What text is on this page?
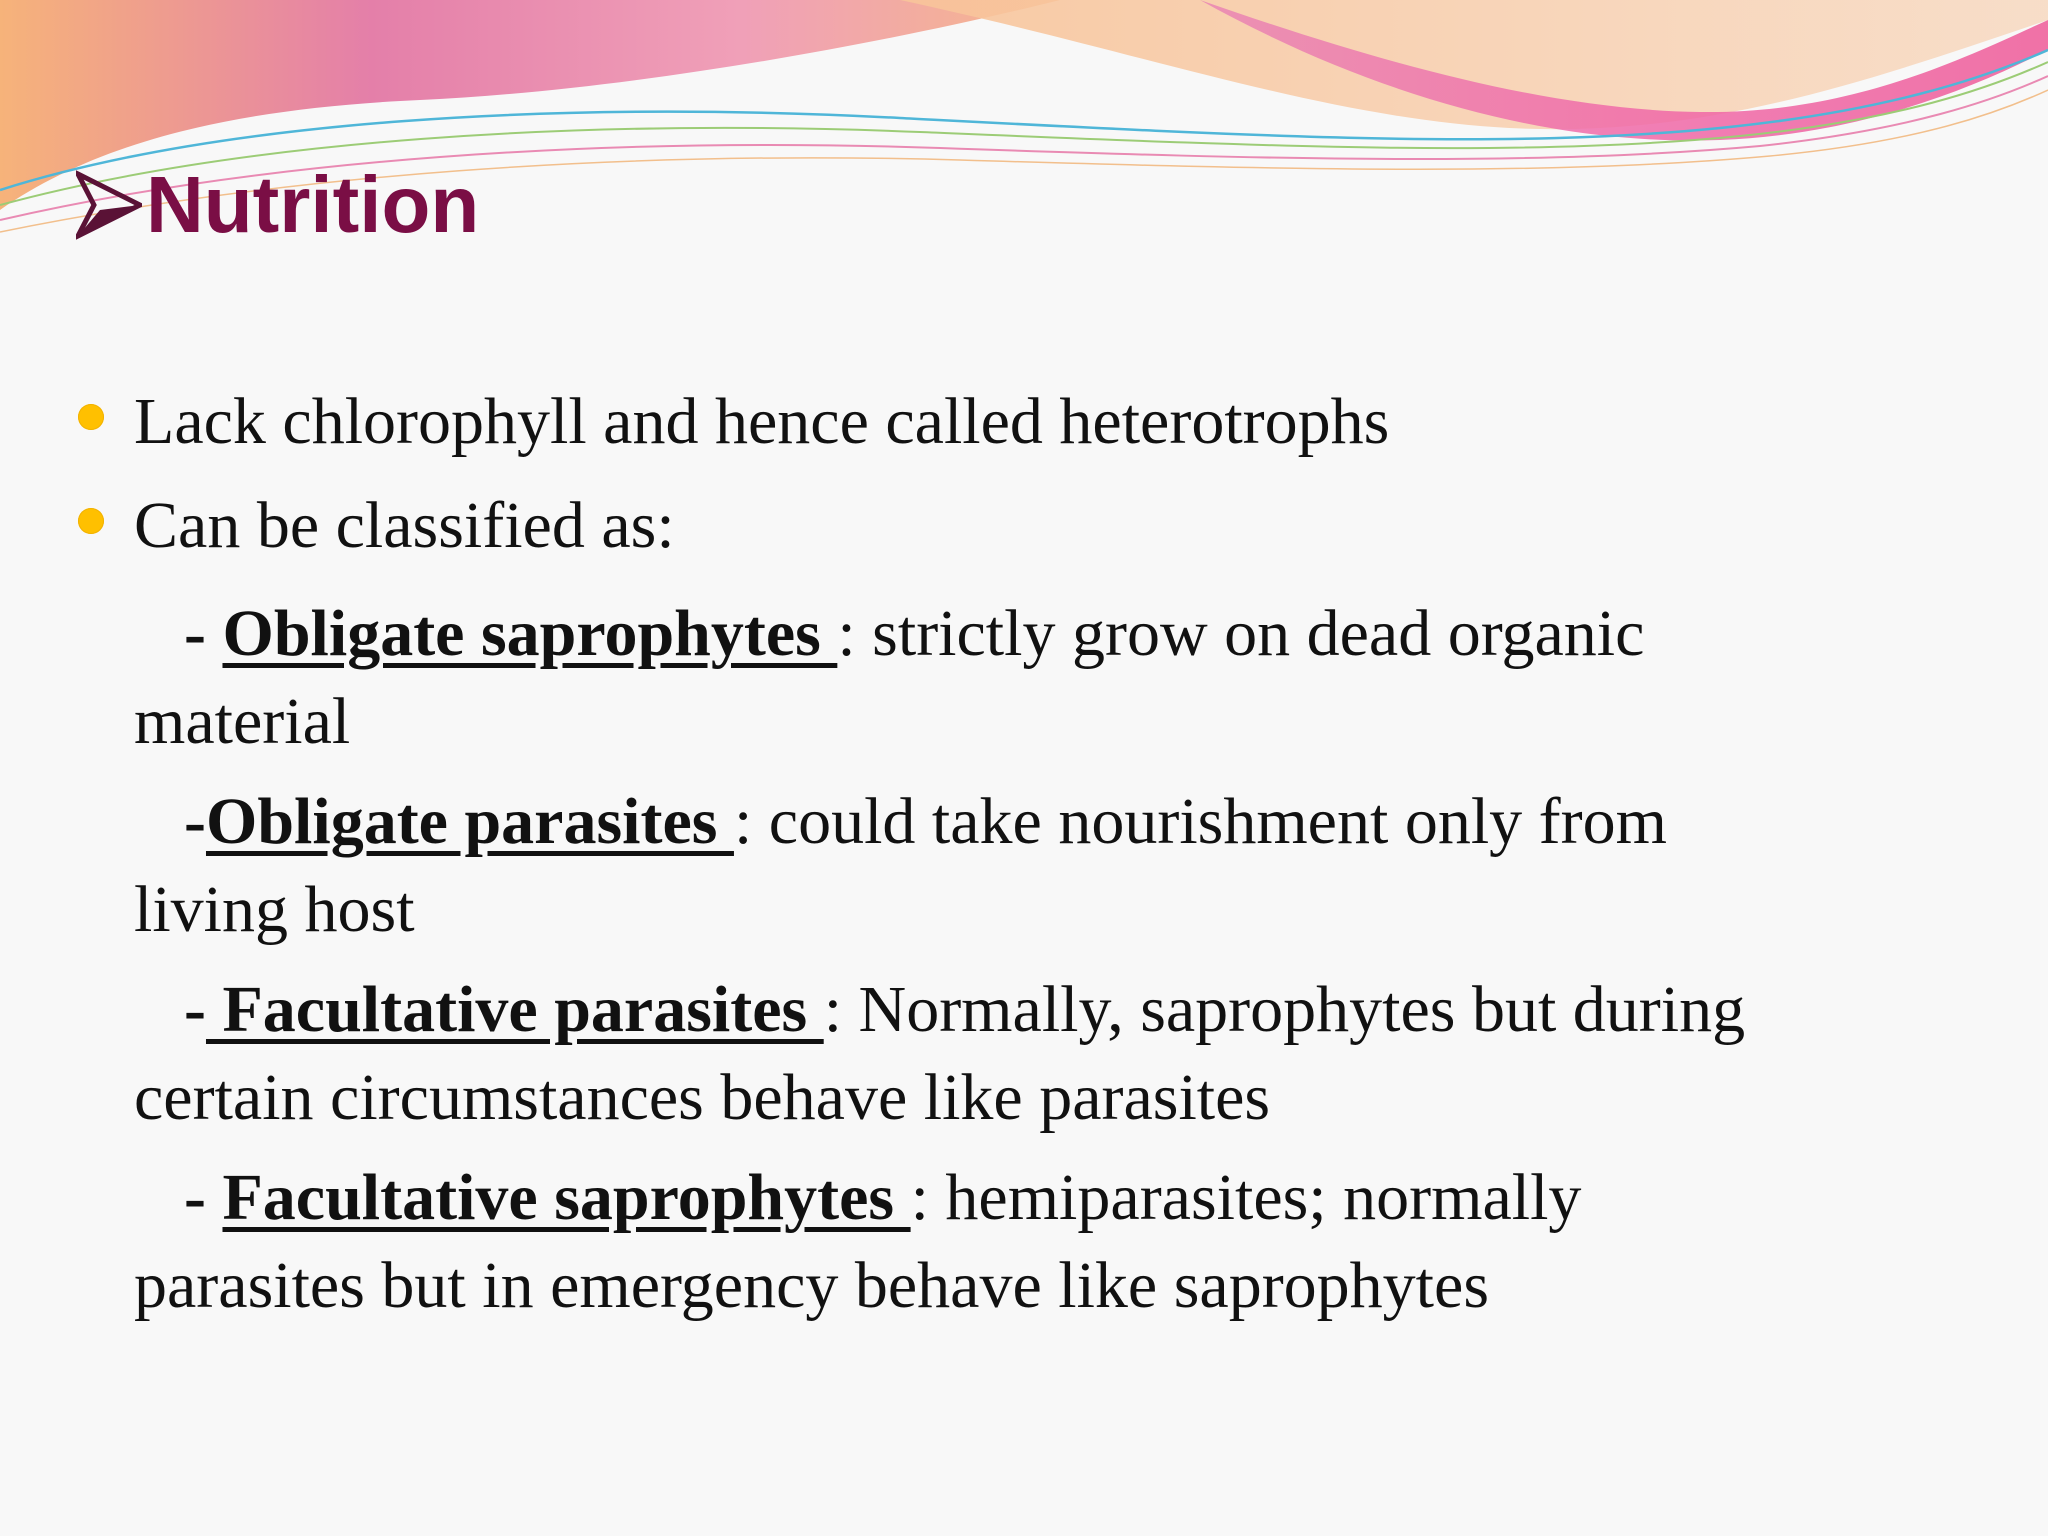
Nutrition
Lack chlorophyll and hence called heterotrophs
Can be classified as:
- Obligate saprophytes : strictly grow on dead organic
material
-Obligate parasites : could take nourishment only from
living host
- Facultative parasites : Normally, saprophytes but during
certain circumstances behave like parasites
- Facultative saprophytes : hemiparasites; normally
parasites but in emergency behave like saprophytes
